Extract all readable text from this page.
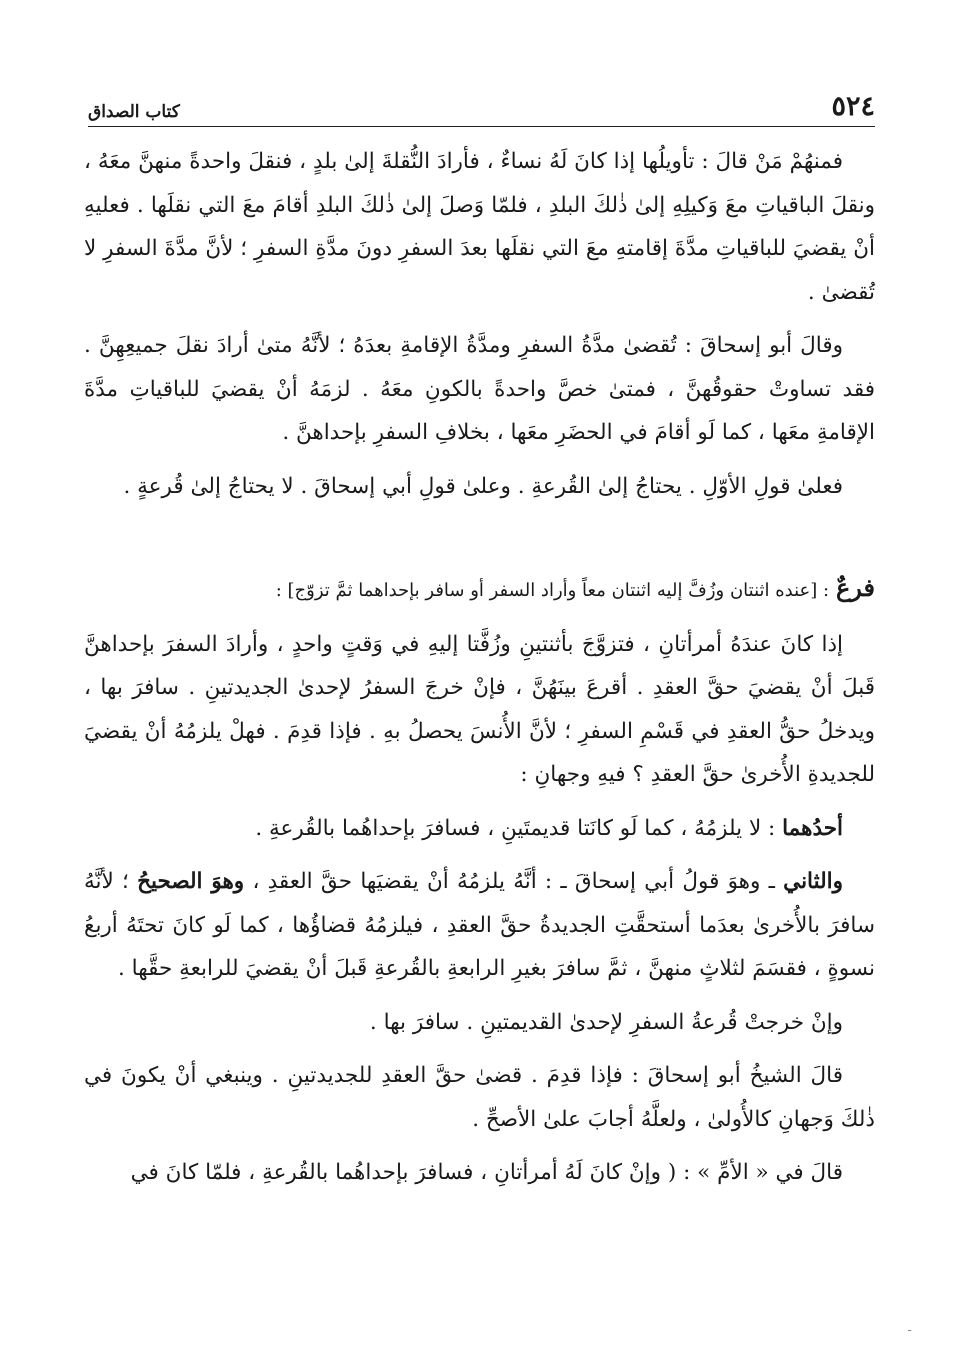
٥٢٤
كتاب الصداق

فمنهُمْ مَنْ قالَ : تأويلُها إذا كانَ لَهُ نساءٌ ، فأرادَ النُّقلةَ إلىٰ بلدٍ ، فنقلَ واحدةً منهنَّ معَهُ ، ونقلَ الباقياتِ معَ وَكيلِهِ إلىٰ ذٰلكَ البلدِ ، فلمّا وَصلَ إلىٰ ذٰلكَ البلدِ أقامَ معَ التي نقلَها . فعليهِ أنْ يقضيَ للباقياتِ مدَّةَ إقامتهِ معَ التي نقلَها بعدَ السفرِ دونَ مدَّةِ السفرِ ؛ لأنَّ مدَّةَ السفرِ لا تُقضىٰ .

وقالَ أبو إسحاقَ : تُقضىٰ مدَّةُ السفرِ ومدَّةُ الإقامةِ بعدَهُ ؛ لأنَّهُ متىٰ أرادَ نقلَ جميعِهِنَّ . فقد تساوتْ حقوقُهنَّ ، فمتىٰ خصَّ واحدةً بالكونِ معَهُ . لزمَهُ أنْ يقضيَ للباقياتِ مدَّةَ الإقامةِ معَها ، كما لَو أقامَ في الحضَرِ معَها ، بخلافِ السفرِ بإحداهنَّ .

فعلىٰ قولِ الأوّلِ . يحتاجُ إلىٰ القُرعةِ . وعلىٰ قولِ أبي إسحاقَ . لا يحتاجُ إلىٰ قُرعةٍ .

فرعٌ : [عنده اثنتان وزُفَّ إليه اثنتان معاً وأراد السفر أو سافر بإحداهما ثمَّ تزوّج] :

إذا كانَ عندَهُ أمرأتانِ ، فتزوَّجَ بأثنتينِ وزُفَّتا إليهِ في وَقتٍ واحدٍ ، وأرادَ السفرَ بإحداهنَّ قَبلَ أنْ يقضيَ حقَّ العقدِ . أقرعَ بينَهُنَّ ، فإنْ خرجَ السفرُ لإحدىٰ الجديدتينِ . سافرَ بها ، ويدخلُ حقُّ العقدِ في قَسْمِ السفرِ ؛ لأنَّ الأُنسَ يحصلُ بهِ . فإذا قدِمَ . فهلْ يلزمُهُ أنْ يقضيَ للجديدةِ الأُخرىٰ حقَّ العقدِ ؟ فيهِ وجهانِ :

أحدُهما : لا يلزمُهُ ، كما لَو كانَتا قديمتَينِ ، فسافرَ بإحداهُما بالقُرعةِ .

والثاني ـ وهوَ قولُ أبي إسحاقَ ـ : أنَّهُ يلزمُهُ أنْ يقضيَها حقَّ العقدِ ، وهوَ الصحيحُ ؛ لأنَّهُ سافرَ بالأُخرىٰ بعدَما أستحقَّتِ الجديدةُ حقَّ العقدِ ، فيلزمُهُ قضاؤُها ، كما لَو كانَ تحتَهُ أربعُ نسوةٍ ، فقسَمَ لثلاثٍ منهنَّ ، ثمَّ سافرَ بغيرِ الرابعةِ بالقُرعةِ قَبلَ أنْ يقضيَ للرابعةِ حقَّها .

وإنْ خرجتْ قُرعةُ السفرِ لإحدىٰ القديمتينِ . سافرَ بها .

قالَ الشيخُ أبو إسحاقَ : فإذا قدِمَ . قضىٰ حقَّ العقدِ للجديدتينِ . وينبغي أنْ يكونَ في ذٰلكَ وَجهانِ كالأُولىٰ ، ولعلَّهُ أجابَ علىٰ الأصحِّ .

قالَ في « الأمِّ » : ( وإنْ كانَ لَهُ أمرأتانِ ، فسافرَ بإحداهُما بالقُرعةِ ، فلمّا كانَ في

ـ
